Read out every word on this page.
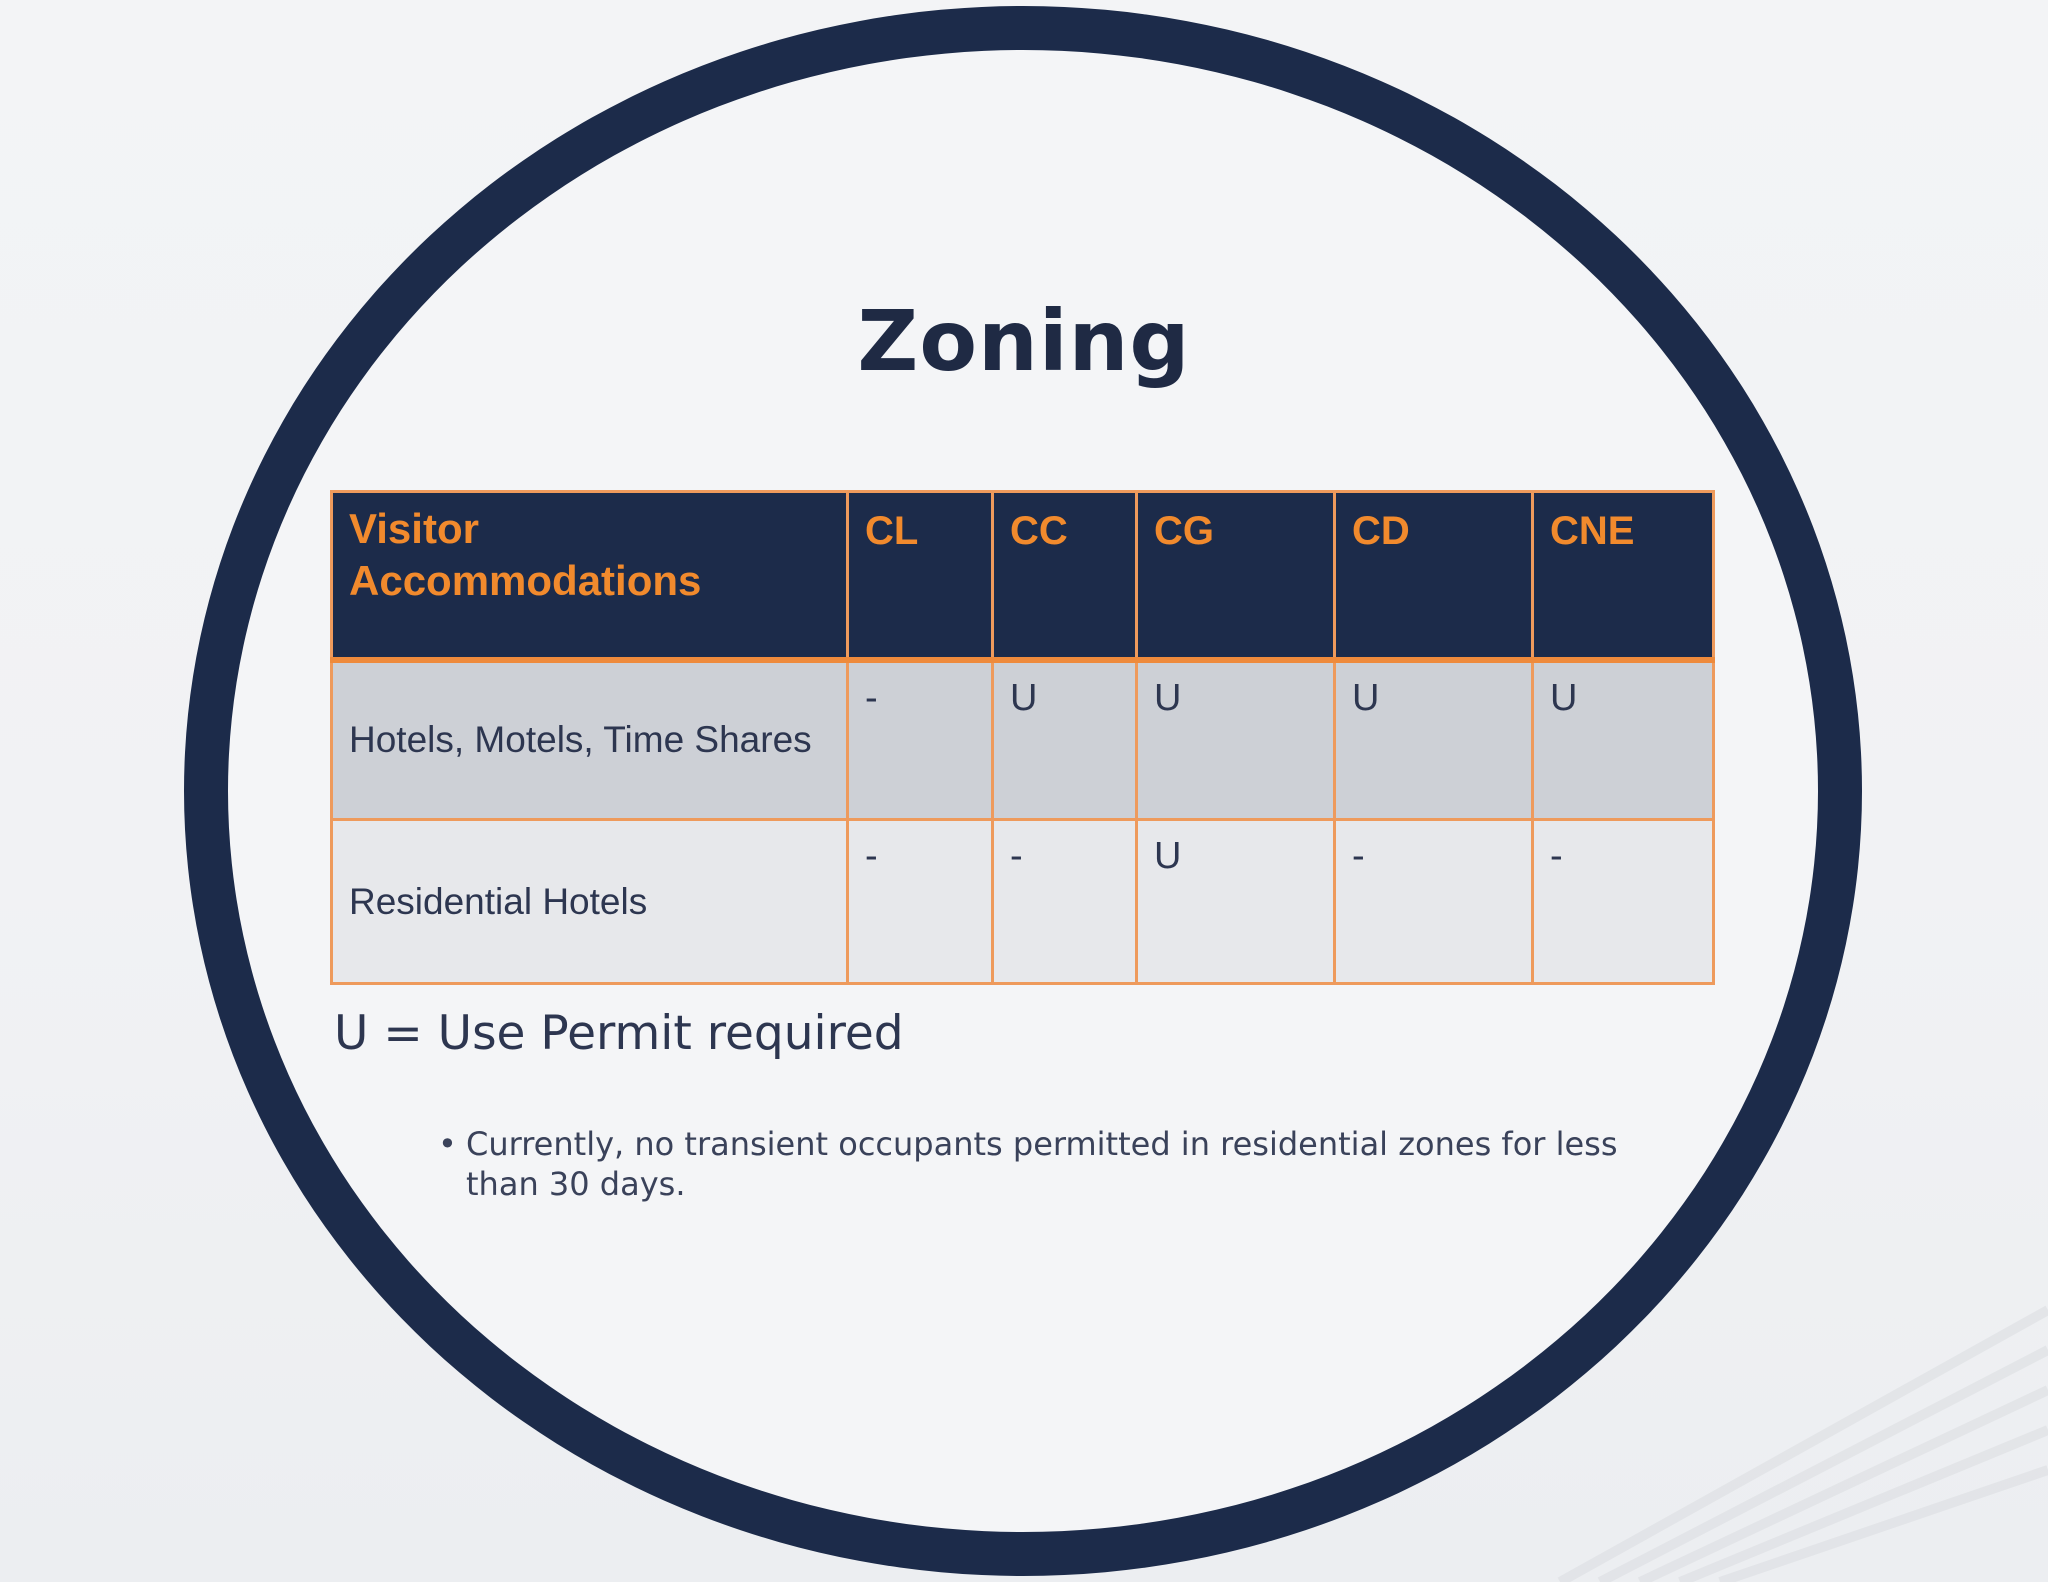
Zoning
Visitor Accommodations	CL	CC	CG	CD	CNE
Hotels, Motels, Time Shares	-	U	U	U	U
Residential Hotels	-	-	U	-	-
U = Use Permit required
• Currently, no transient occupants permitted in residential zones for less than 30 days.
